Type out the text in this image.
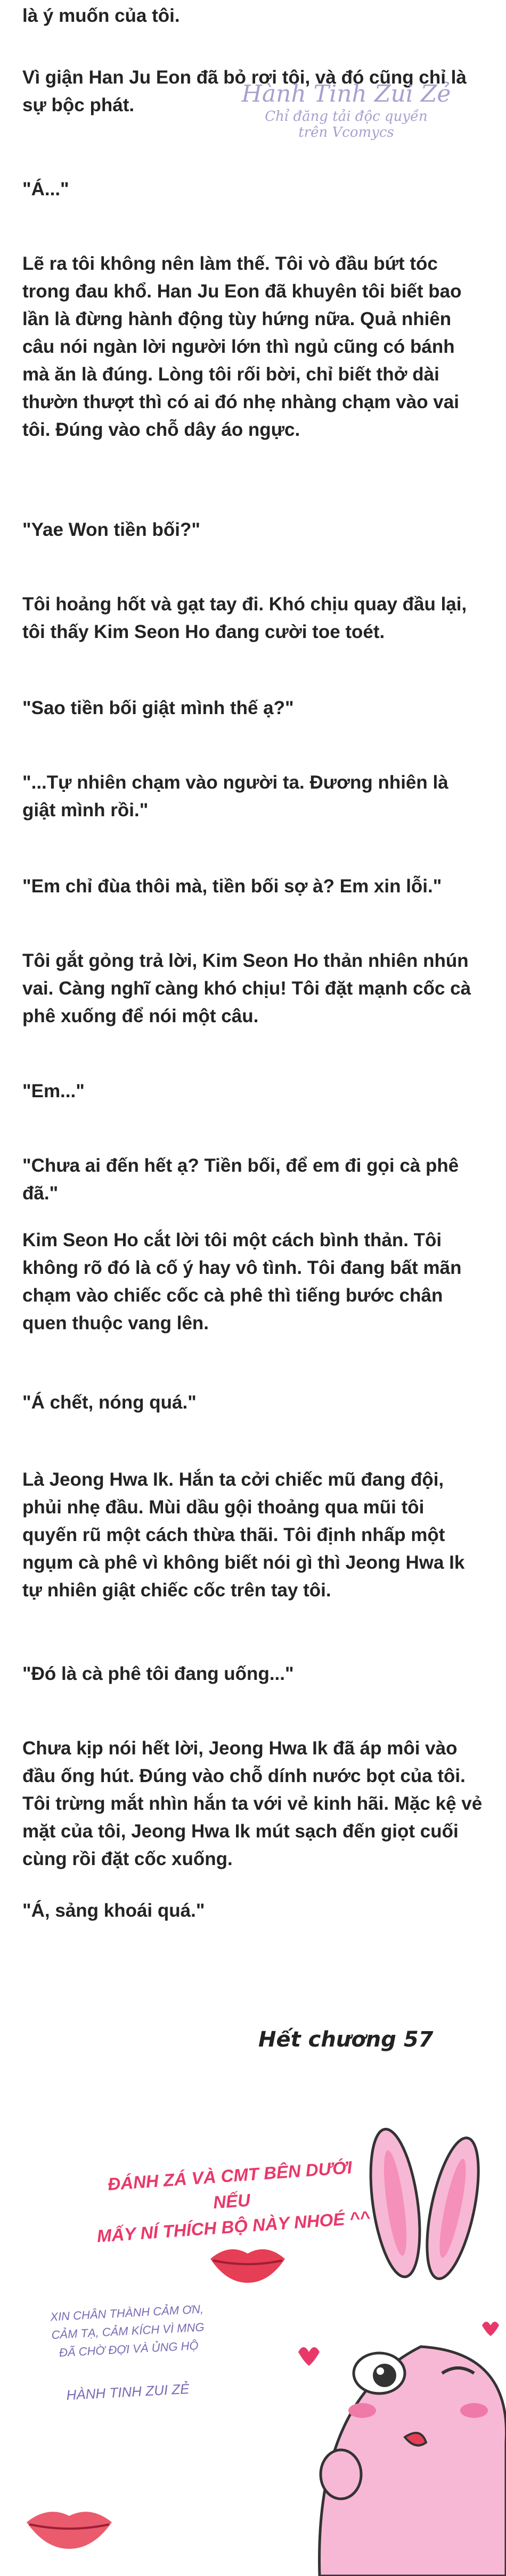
là ý muốn của tôi.

Vì giận Han Ju Eon đã bỏ rơi tôi, và đó cũng chỉ là sự bộc phát.

"Á..."

Lẽ ra tôi không nên làm thế. Tôi vò đầu bứt tóc trong đau khổ. Han Ju Eon đã khuyên tôi biết bao lần là đừng hành động tùy hứng nữa. Quả nhiên câu nói ngàn lời người lớn thì ngủ cũng có bánh mà ăn là đúng. Lòng tôi rối bời, chỉ biết thở dài thườn thượt thì có ai đó nhẹ nhàng chạm vào vai tôi. Đúng vào chỗ dây áo ngực.

"Yae Won tiền bối?"

Tôi hoảng hốt và gạt tay đi. Khó chịu quay đầu lại, tôi thấy Kim Seon Ho đang cười toe toét.

"Sao tiền bối giật mình thế ạ?"

"...Tự nhiên chạm vào người ta. Đương nhiên là giật mình rồi."

"Em chỉ đùa thôi mà, tiền bối sợ à? Em xin lỗi."

Tôi gắt gỏng trả lời, Kim Seon Ho thản nhiên nhún vai. Càng nghĩ càng khó chịu! Tôi đặt mạnh cốc cà phê xuống để nói một câu.

"Em..."

"Chưa ai đến hết ạ? Tiền bối, để em đi gọi cà phê đã."

Kim Seon Ho cắt lời tôi một cách bình thản. Tôi không rõ đó là cố ý hay vô tình. Tôi đang bất mãn chạm vào chiếc cốc cà phê thì tiếng bước chân quen thuộc vang lên.

"Á chết, nóng quá."

Là Jeong Hwa Ik. Hắn ta cởi chiếc mũ đang đội, phủi nhẹ đầu. Mùi dầu gội thoảng qua mũi tôi quyến rũ một cách thừa thãi. Tôi định nhấp một ngụm cà phê vì không biết nói gì thì Jeong Hwa Ik tự nhiên giật chiếc cốc trên tay tôi.

"Đó là cà phê tôi đang uống..."

Chưa kịp nói hết lời, Jeong Hwa Ik đã áp môi vào đầu ống hút. Đúng vào chỗ dính nước bọt của tôi. Tôi trừng mắt nhìn hắn ta với vẻ kinh hãi. Mặc kệ vẻ mặt của tôi, Jeong Hwa Ik mút sạch đến giọt cuối cùng rồi đặt cốc xuống.

"Á, sảng khoái quá."

Hành Tinh Zui Zẻ
Chỉ đăng tải độc quyền
trên Vcomycs
Hết chương 57
ĐÁNH ZÁ VÀ CMT BÊN DƯỚI NẾU
MẤY NÍ THÍCH BỘ NÀY NHOÉ ^^
XIN CHÂN THÀNH CẢM ƠN,
CẢM TẠ, CẢM KÍCH VÌ MNG
ĐÃ CHỜ ĐỢI VÀ ỦNG HỘ
HÀNH TINH ZUI ZẺ
